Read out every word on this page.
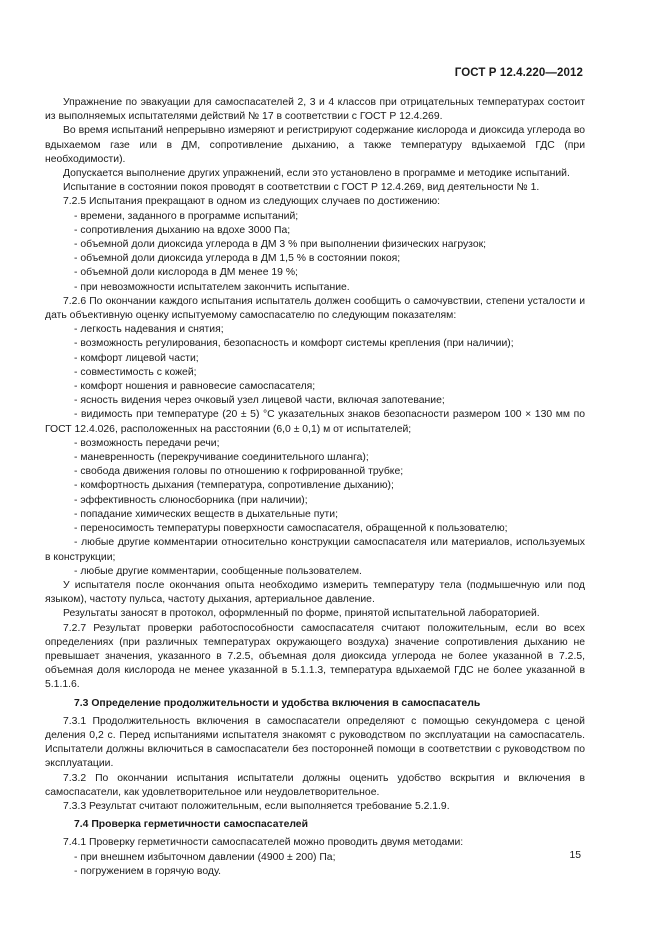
ГОСТ Р 12.4.220—2012
Упражнение по эвакуации для самоспасателей 2, 3 и 4 классов при отрицательных температурах состоит из выполняемых испытателями действий № 17 в соответствии с ГОСТ Р 12.4.269.
Во время испытаний непрерывно измеряют и регистрируют содержание кислорода и диоксида углерода во вдыхаемом газе или в ДМ, сопротивление дыханию, а также температуру вдыхаемой ГДС (при необходимости).
Допускается выполнение других упражнений, если это установлено в программе и методике испытаний.
Испытание в состоянии покоя проводят в соответствии с ГОСТ Р 12.4.269, вид деятельности № 1.
7.2.5 Испытания прекращают в одном из следующих случаев по достижению:
- времени, заданного в программе испытаний;
- сопротивления дыханию на вдохе 3000 Па;
- объемной доли диоксида углерода в ДМ 3 % при выполнении физических нагрузок;
- объемной доли диоксида углерода в ДМ 1,5 % в состоянии покоя;
- объемной доли кислорода в ДМ менее 19 %;
- при невозможности испытателем закончить испытание.
7.2.6 По окончании каждого испытания испытатель должен сообщить о самочувствии, степени усталости и дать объективную оценку испытуемому самоспасателю по следующим показателям:
- легкость надевания и снятия;
- возможность регулирования, безопасность и комфорт системы крепления (при наличии);
- комфорт лицевой части;
- совместимость с кожей;
- комфорт ношения и равновесие самоспасателя;
- ясность видения через очковый узел лицевой части, включая запотевание;
- видимость при температуре (20 ± 5) °С указательных знаков безопасности размером 100 × 130 мм по ГОСТ 12.4.026, расположенных на расстоянии (6,0 ± 0,1) м от испытателей;
- возможность передачи речи;
- маневренность (перекручивание соединительного шланга);
- свобода движения головы по отношению к гофрированной трубке;
- комфортность дыхания (температура, сопротивление дыханию);
- эффективность слюносборника (при наличии);
- попадание химических веществ в дыхательные пути;
- переносимость температуры поверхности самоспасателя, обращенной к пользователю;
- любые другие комментарии относительно конструкции самоспасателя или материалов, используемых в конструкции;
- любые другие комментарии, сообщенные пользователем.
У испытателя после окончания опыта необходимо измерить температуру тела (подмышечную или под языком), частоту пульса, частоту дыхания, артериальное давление.
Результаты заносят в протокол, оформленный по форме, принятой испытательной лабораторией.
7.2.7 Результат проверки работоспособности самоспасателя считают положительным, если во всех определениях (при различных температурах окружающего воздуха) значение сопротивления дыханию не превышает значения, указанного в 7.2.5, объемная доля диоксида углерода не более указанной в 7.2.5, объемная доля кислорода не менее указанной в 5.1.1.3, температура вдыхаемой ГДС не более указанной в 5.1.1.6.
7.3 Определение продолжительности и удобства включения в самоспасатель
7.3.1 Продолжительность включения в самоспасатели определяют с помощью секундомера с ценой деления 0,2 с. Перед испытаниями испытателя знакомят с руководством по эксплуатации на самоспасатель. Испытатели должны включиться в самоспасатели без посторонней помощи в соответствии с руководством по эксплуатации.
7.3.2 По окончании испытания испытатели должны оценить удобство вскрытия и включения в самоспасатели, как удовлетворительное или неудовлетворительное.
7.3.3 Результат считают положительным, если выполняется требование 5.2.1.9.
7.4 Проверка герметичности самоспасателей
7.4.1 Проверку герметичности самоспасателей можно проводить двумя методами:
- при внешнем избыточном давлении (4900 ± 200) Па;
- погружением в горячую воду.
15
